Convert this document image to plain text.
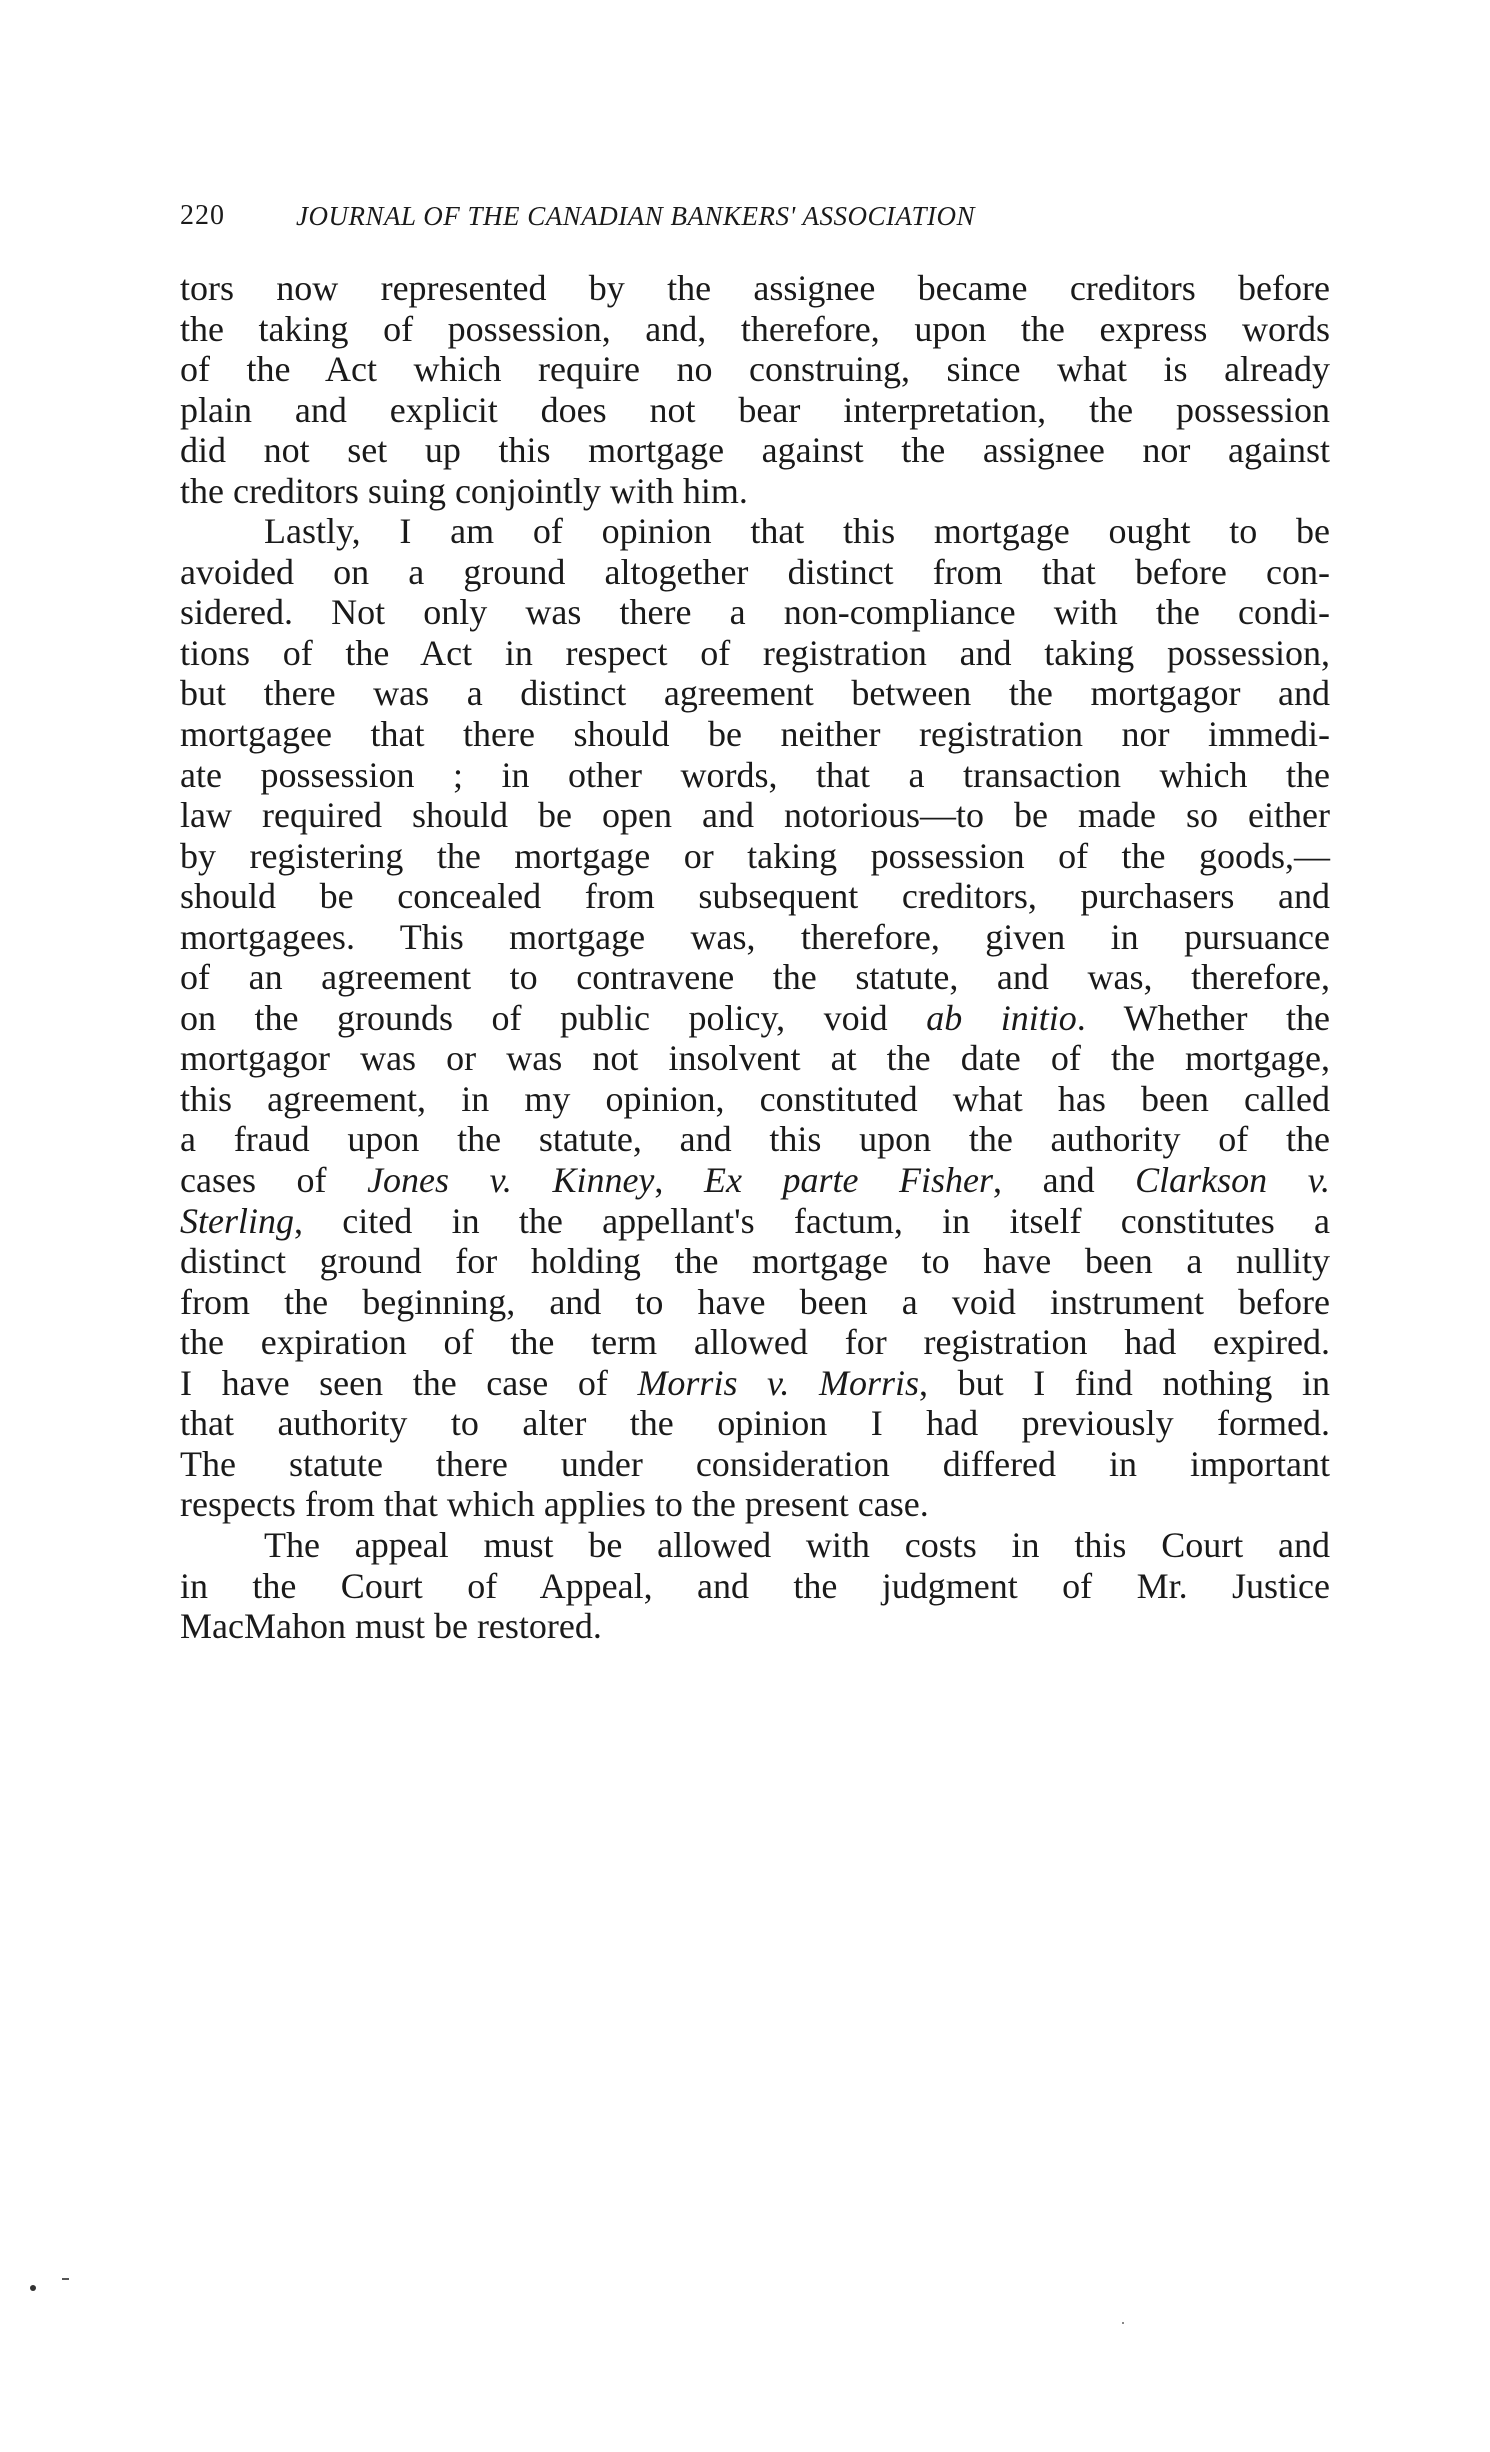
220	JOURNAL OF THE CANADIAN BANKERS' ASSOCIATION
tors now represented by the assignee became creditors before
the taking of possession, and, therefore, upon the express words
of the Act which require no construing, since what is already
plain and explicit does not bear interpretation, the possession
did not set up this mortgage against the assignee nor against
the creditors suing conjointly with him.
Lastly, I am of opinion that this mortgage ought to be
avoided on a ground altogether distinct from that before con-
sidered. Not only was there a non-compliance with the condi-
tions of the Act in respect of registration and taking possession,
but there was a distinct agreement between the mortgagor and
mortgagee that there should be neither registration nor immedi-
ate possession ; in other words, that a transaction which the
law required should be open and notorious—to be made so either
by registering the mortgage or taking possession of the goods,—
should be concealed from subsequent creditors, purchasers and
mortgagees. This mortgage was, therefore, given in pursuance
of an agreement to contravene the statute, and was, therefore,
on the grounds of public policy, void ab initio. Whether the
mortgagor was or was not insolvent at the date of the mortgage,
this agreement, in my opinion, constituted what has been called
a fraud upon the statute, and this upon the authority of the
cases of Jones v. Kinney, Ex parte Fisher, and Clarkson v.
Sterling, cited in the appellant's factum, in itself constitutes a
distinct ground for holding the mortgage to have been a nullity
from the beginning, and to have been a void instrument before
the expiration of the term allowed for registration had expired.
I have seen the case of Morris v. Morris, but I find nothing in
that authority to alter the opinion I had previously formed.
The statute there under consideration differed in important
respects from that which applies to the present case.
The appeal must be allowed with costs in this Court and
in the Court of Appeal, and the judgment of Mr. Justice
MacMahon must be restored.
